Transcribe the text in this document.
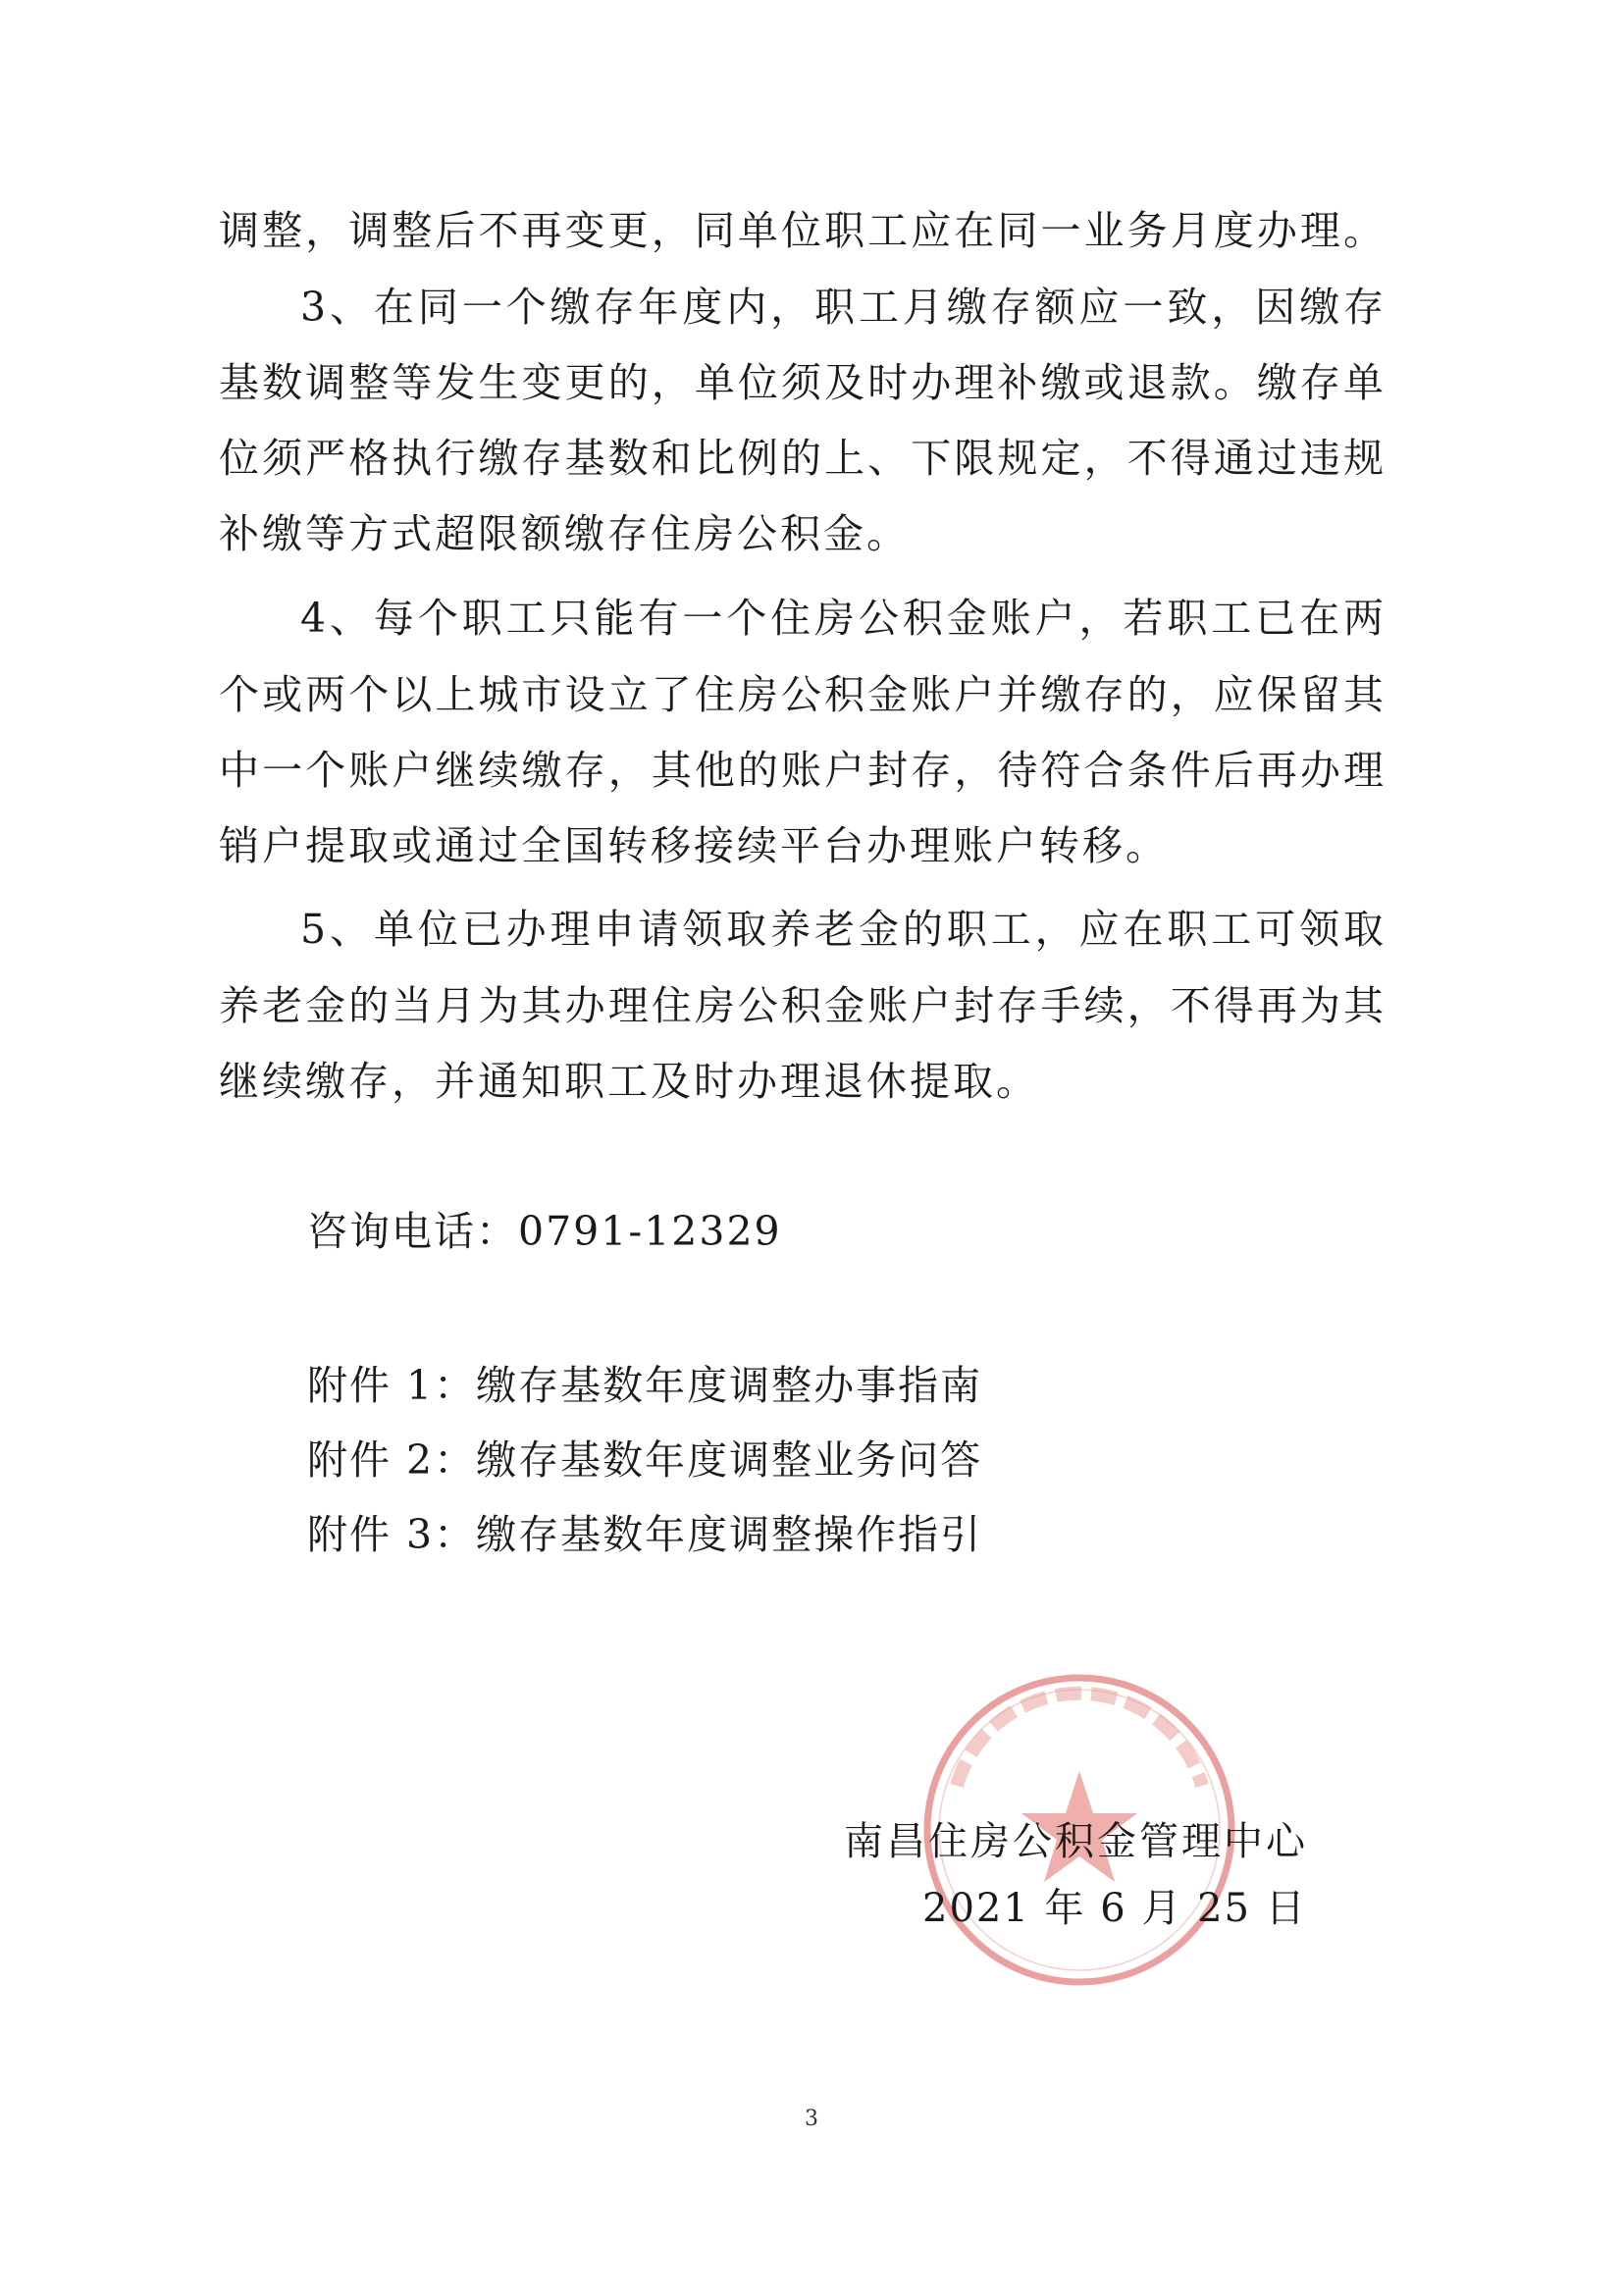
调整，调整后不再变更，同单位职工应在同一业务月度办理。
3、在同一个缴存年度内，职工月缴存额应一致，因缴存
基数调整等发生变更的，单位须及时办理补缴或退款。缴存单
位须严格执行缴存基数和比例的上、下限规定，不得通过违规
补缴等方式超限额缴存住房公积金。
4、每个职工只能有一个住房公积金账户，若职工已在两
个或两个以上城市设立了住房公积金账户并缴存的，应保留其
中一个账户继续缴存，其他的账户封存，待符合条件后再办理
销户提取或通过全国转移接续平台办理账户转移。
5、单位已办理申请领取养老金的职工，应在职工可领取
养老金的当月为其办理住房公积金账户封存手续，不得再为其
继续缴存，并通知职工及时办理退休提取。
咨询电话：0791-12329
附件 1：缴存基数年度调整办事指南
附件 2：缴存基数年度调整业务问答
附件 3：缴存基数年度调整操作指引
南昌住房公积金管理中心
2021 年 6 月 25 日
3
